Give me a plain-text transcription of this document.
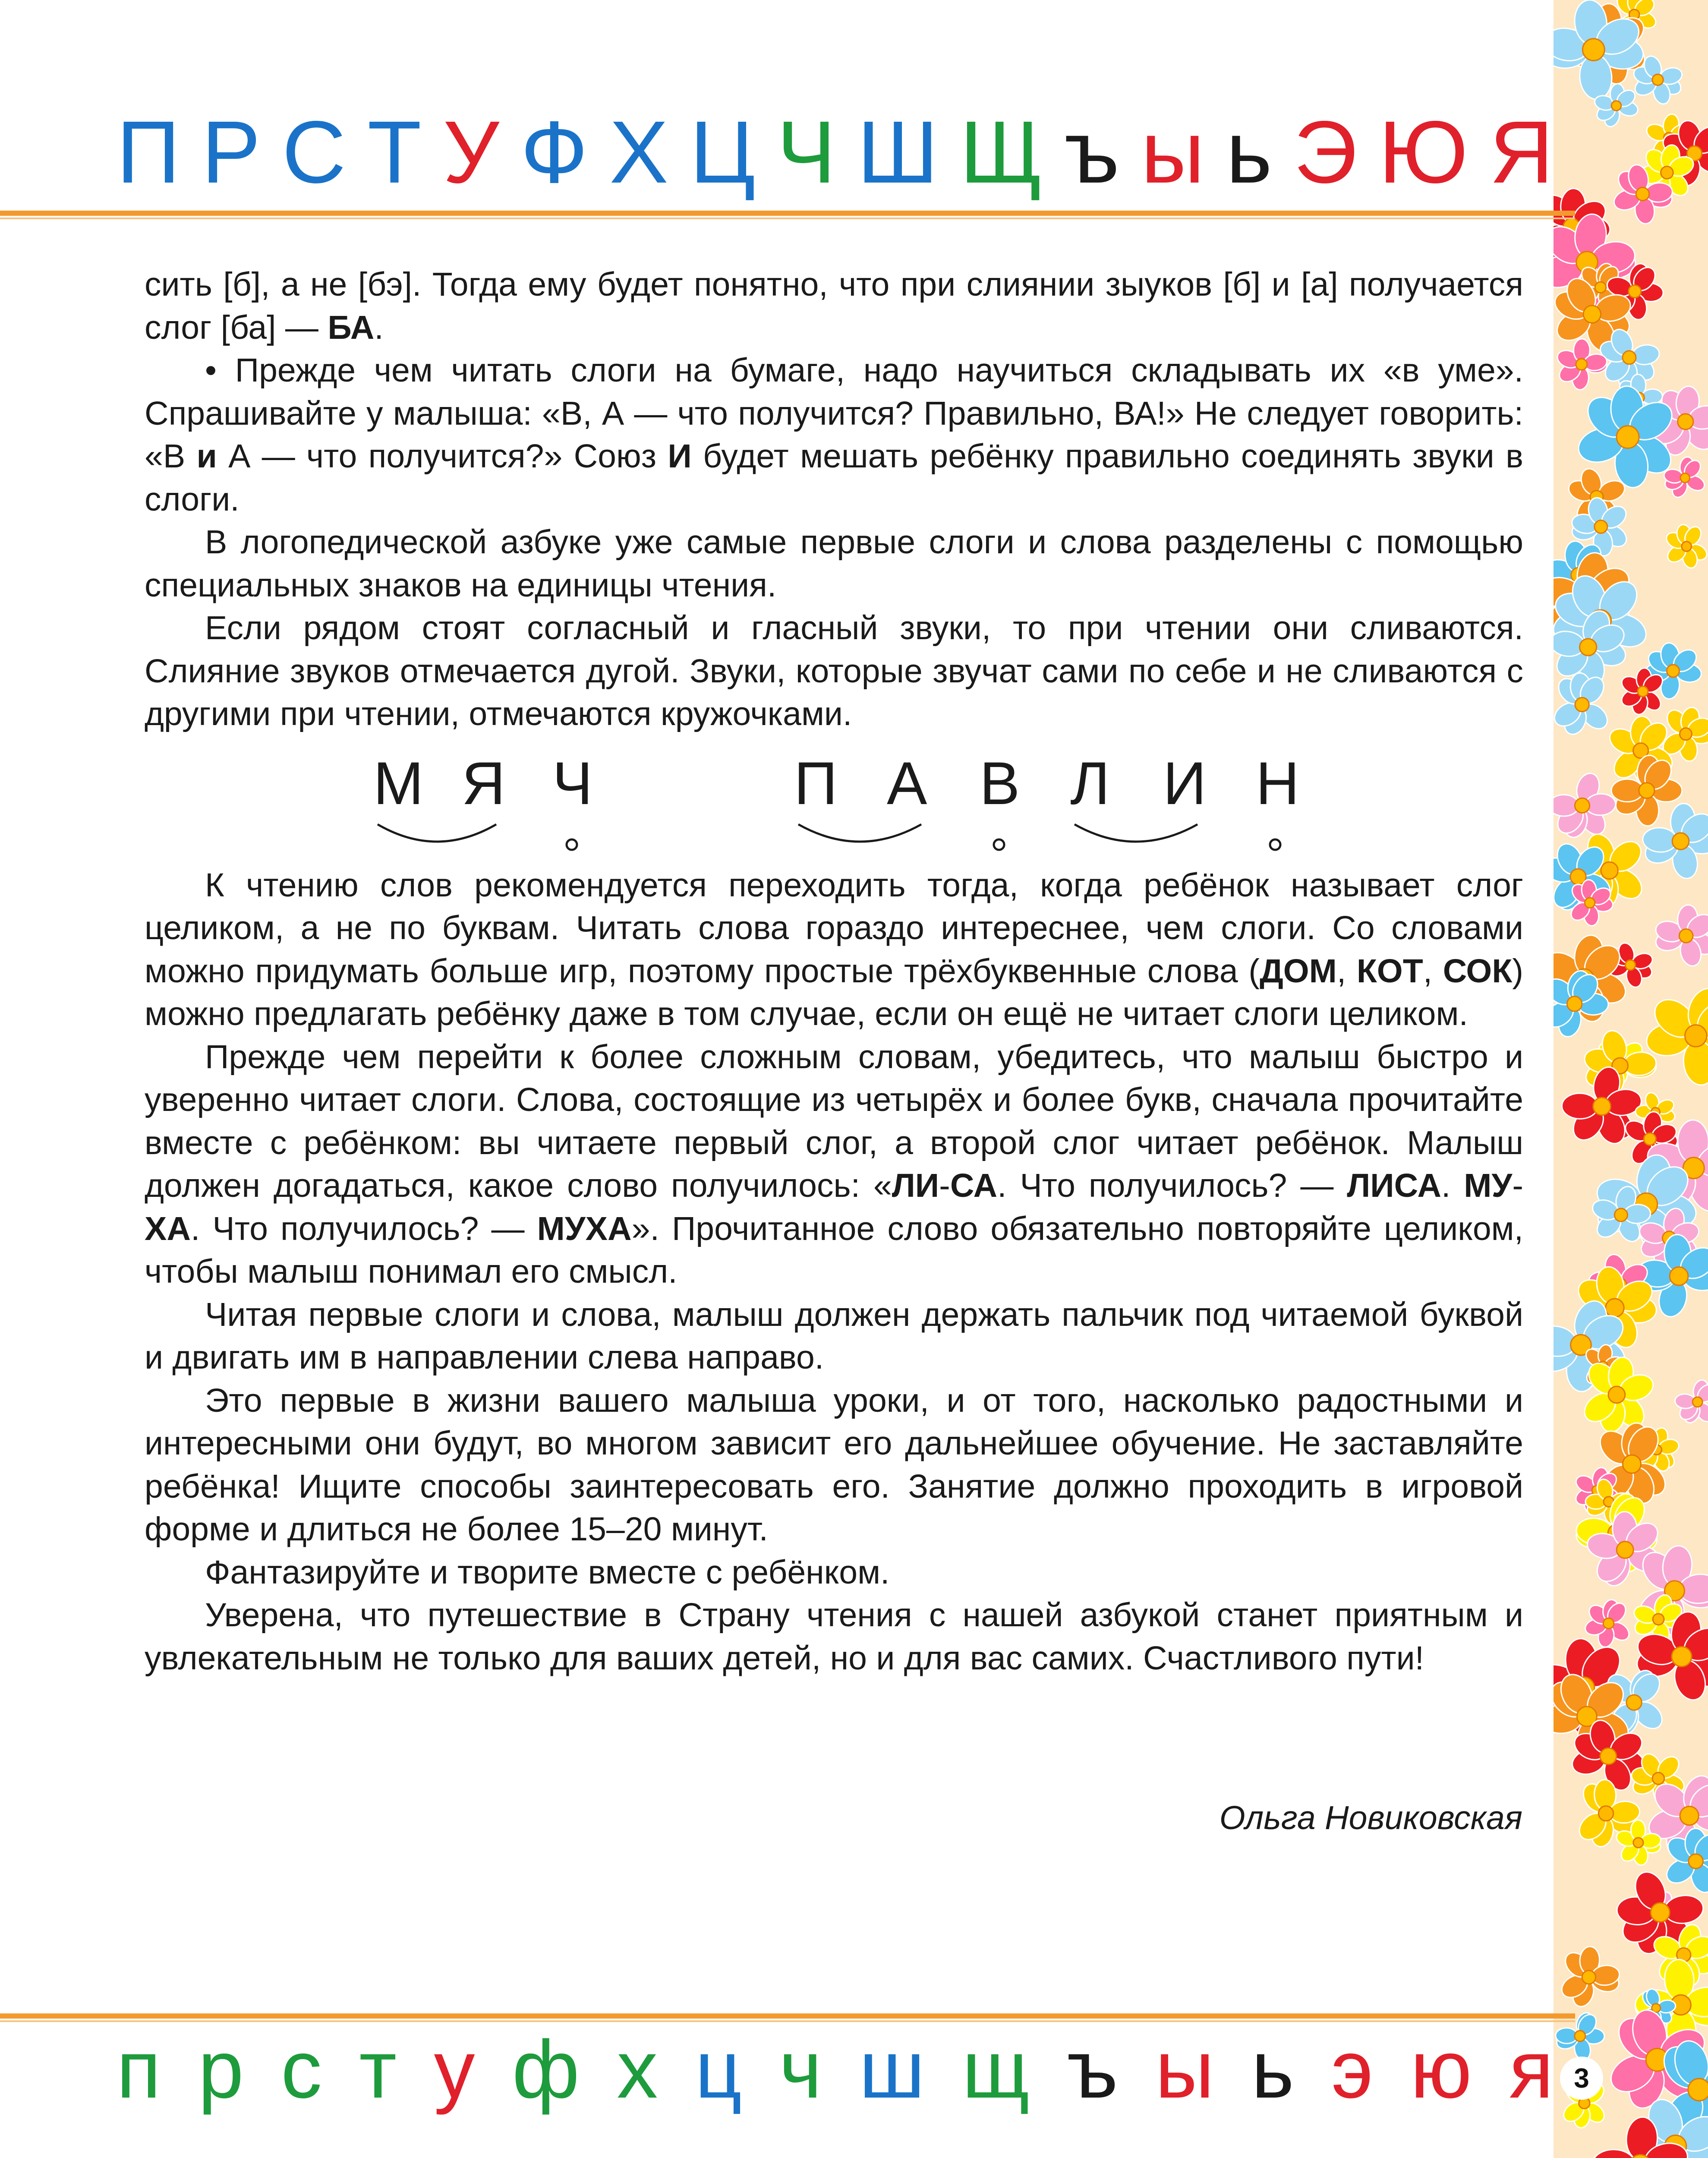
П Р С Т У Ф Х Ц Ч Ш Щ ъ ы ь Э Ю Я

сить [б], а не [бэ]. Тогда ему будет понятно, что при слиянии зыуков [б] и [а] получается слог [ба] — БА.

• Прежде чем читать слоги на бумаге, надо научиться складывать их «в уме». Спрашивайте у малыша: «В, А — что получится? Правильно, ВА!» Не следует говорить: «В и А — что получится?» Союз И будет мешать ребёнку правильно соединять звуки в слоги.

В логопедической азбуке уже самые первые слоги и слова разделены с помощью специальных знаков на единицы чтения.

Если рядом стоят согласный и гласный звуки, то при чтении они сливаются. Слияние звуков отмечается дугой. Звуки, которые звучат сами по себе и не сливаются с другими при чтении, отмечаются кружочками.

М Я Ч	П А В Л И Н

К чтению слов рекомендуется переходить тогда, когда ребёнок называет слог целиком, а не по буквам. Читать слова гораздо интереснее, чем слоги. Со словами можно придумать больше игр, поэтому простые трёхбуквенные слова (ДОМ, КОТ, СОК) можно предлагать ребёнку даже в том случае, если он ещё не читает слоги целиком.

Прежде чем перейти к более сложным словам, убедитесь, что малыш быстро и уверенно читает слоги. Слова, состоящие из четырёх и более букв, сначала прочитайте вместе с ребёнком: вы читаете первый слог, а второй слог читает ребёнок. Малыш должен догадаться, какое слово получилось: «ЛИ-СА. Что получилось? — ЛИСА. МУ-ХА. Что получилось? — МУХА». Прочитанное слово обязательно повторяйте целиком, чтобы малыш понимал его смысл.

Читая первые слоги и слова, малыш должен держать пальчик под читаемой буквой и двигать им в направлении слева направо.

Это первые в жизни вашего малыша уроки, и от того, насколько радостными и интересными они будут, во многом зависит его дальнейшее обучение. Не заставляйте ребёнка! Ищите способы заинтересовать его. Занятие должно проходить в игровой форме и длиться не более 15–20 минут.

Фантазируйте и творите вместе с ребёнком.

Уверена, что путешествие в Страну чтения с нашей азбукой станет приятным и увлекательным не только для ваших детей, но и для вас самих. Счастливого пути!

Ольга Новиковская
п р с т у ф х ц ч ш щ ъ ы ь э ю я 3
